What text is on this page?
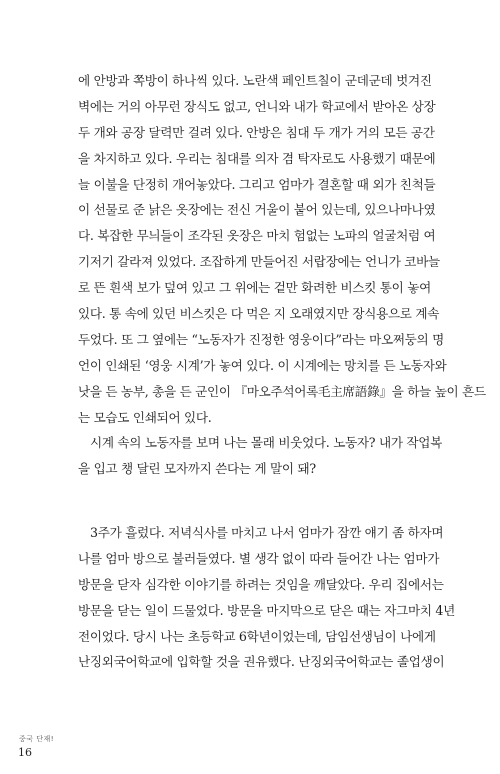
에 안방과 쪽방이 하나씩 있다. 노란색 페인트칠이 군데군데 벗겨진
벽에는 거의 아무런 장식도 없고, 언니와 내가 학교에서 받아온 상장
두 개와 공장 달력만 걸려 있다. 안방은 침대 두 개가 거의 모든 공간
을 차지하고 있다. 우리는 침대를 의자 겸 탁자로도 사용했기 때문에
늘 이불을 단정히 개어놓았다. 그리고 엄마가 결혼할 때 외가 친척들
이 선물로 준 낡은 옷장에는 전신 거울이 붙어 있는데, 있으나마나였
다. 복잡한 무늬들이 조각된 옷장은 마치 험없는 노파의 얼굴처럼 여
기저기 갈라져 있었다. 조잡하게 만들어진 서랍장에는 언니가 코바늘
로 뜬 흰색 보가 덮여 있고 그 위에는 겉만 화려한 비스킷 통이 놓여
있다. 통 속에 있던 비스킷은 다 먹은 지 오래였지만 장식용으로 계속
두었다. 또 그 옆에는 “노동자가 진정한 영웅이다”라는 마오쩌둥의 명
언이 인쇄된 ‘영웅 시계’가 놓여 있다. 이 시계에는 망치를 든 노동자와
낫을 든 농부, 총을 든 군인이 『마오주석어록毛主席語錄』을 하늘 높이 흔드
는 모습도 인쇄되어 있다.
시계 속의 노동자를 보며 나는 몰래 비웃었다. 노동자? 내가 작업복
을 입고 챙 달린 모자까지 쓴다는 게 말이 돼?
3주가 흘렀다. 저녁식사를 마치고 나서 엄마가 잠깐 얘기 좀 하자며
나를 엄마 방으로 불러들였다. 별 생각 없이 따라 들어간 나는 엄마가
방문을 닫자 심각한 이야기를 하려는 것임을 깨달았다. 우리 집에서는
방문을 닫는 일이 드물었다. 방문을 마지막으로 닫은 때는 자그마치 4년
전이었다. 당시 나는 초등학교 6학년이었는데, 담임선생님이 나에게
난징외국어학교에 입학할 것을 권유했다. 난징외국어학교는 졸업생이
중국 단재!
16
